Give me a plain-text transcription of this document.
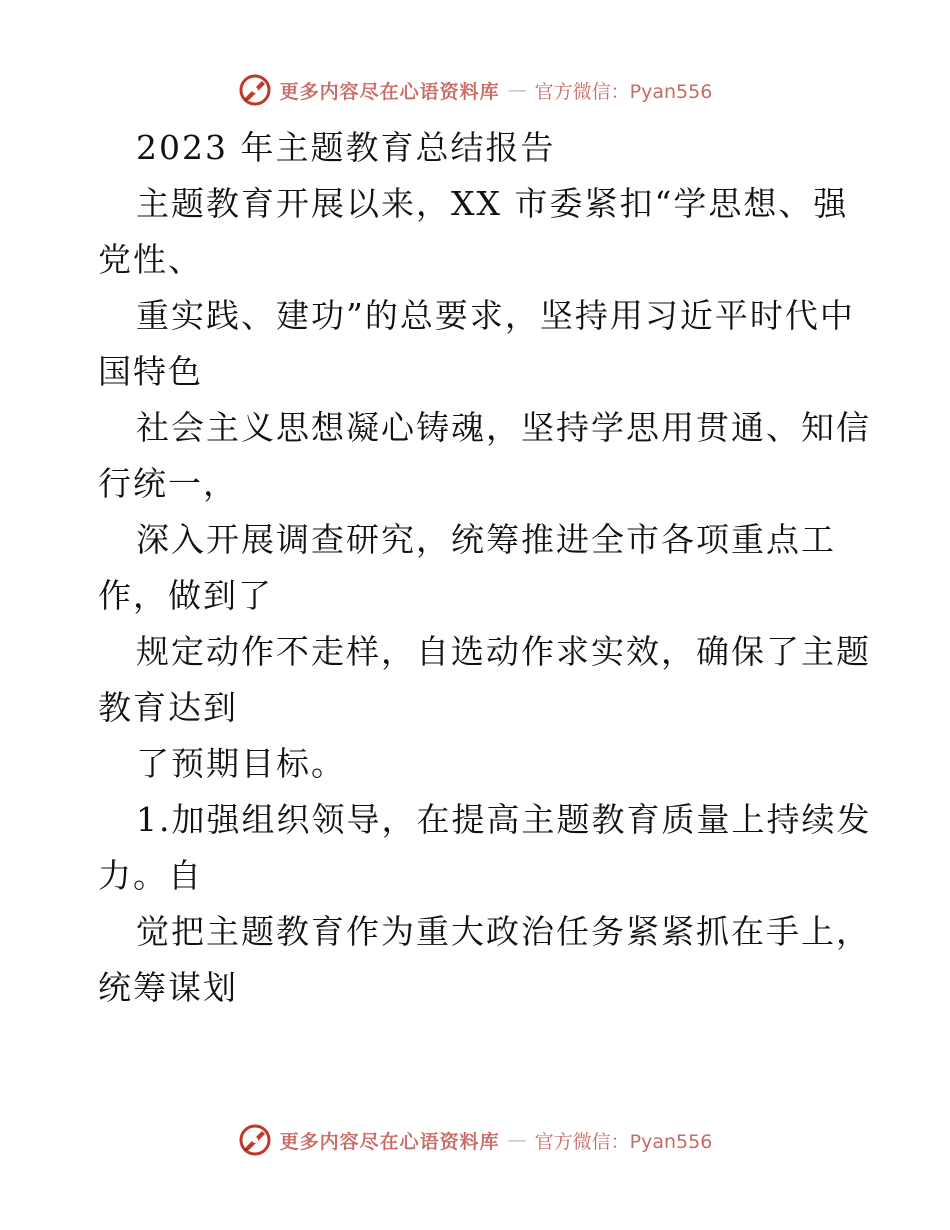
更多内容尽在心语资料库 — 官方微信：Pyan556
2023 年主题教育总结报告
主题教育开展以来，XX 市委紧扣“学思想、强
党性、
重实践、建功”的总要求，坚持用习近平时代中
国特色
社会主义思想凝心铸魂，坚持学思用贯通、知信
行统一，
深入开展调查研究，统筹推进全市各项重点工
作，做到了
规定动作不走样，自选动作求实效，确保了主题
教育达到
了预期目标。
1.加强组织领导，在提高主题教育质量上持续发
力。自
觉把主题教育作为重大政治任务紧紧抓在手上，
统筹谋划
更多内容尽在心语资料库 — 官方微信：Pyan556
